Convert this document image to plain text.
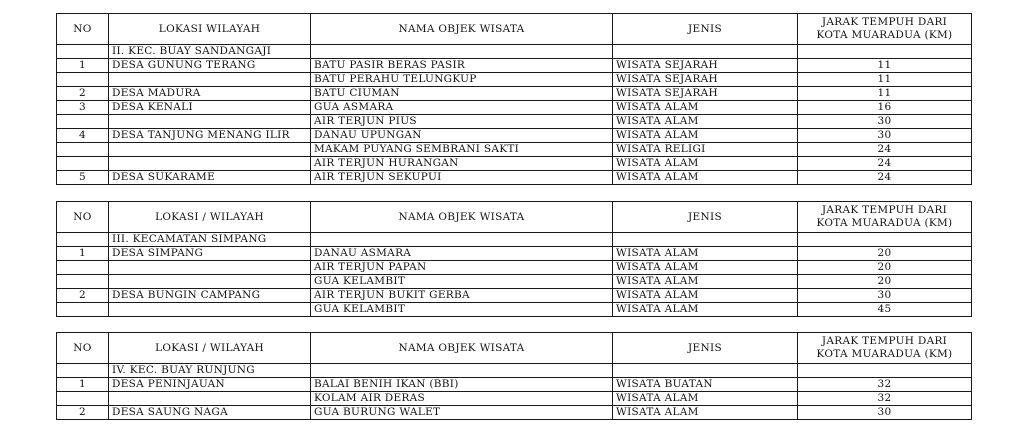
NO	LOKASI WILAYAH	NAMA OBJEK WISATA	JENIS	JARAK TEMPUH DARI
KOTA MUARADUA (KM)

	II. KEC. BUAY SANDANGAJI			
1	DESA GUNUNG TERANG	BATU PASIR BERAS PASIR	WISATA SEJARAH	11
		BATU PERAHU TELUNGKUP	WISATA SEJARAH	11
2	DESA MADURA	BATU CIUMAN	WISATA SEJARAH	11
3	DESA KENALI	GUA ASMARA	WISATA ALAM	16
		AIR TERJUN PIUS	WISATA ALAM	30
4	DESA TANJUNG MENANG ILIR	DANAU UPUNGAN	WISATA ALAM	30
		MAKAM PUYANG SEMBRANI SAKTI	WISATA RELIGI	24
		AIR TERJUN HURANGAN	WISATA ALAM	24
5	DESA SUKARAME	AIR TERJUN SEKUPUI	WISATA ALAM	24
NO	LOKASI / WILAYAH	NAMA OBJEK WISATA	JENIS	JARAK TEMPUH DARI
KOTA MUARADUA (KM)

	III. KECAMATAN SIMPANG			
1	DESA SIMPANG	DANAU ASMARA	WISATA ALAM	20
		AIR TERJUN PAPAN	WISATA ALAM	20
		GUA KELAMBIT	WISATA ALAM	20
2	DESA BUNGIN CAMPANG	AIR TERJUN BUKIT GERBA	WISATA ALAM	30
		GUA KELAMBIT	WISATA ALAM	45
NO	LOKASI / WILAYAH	NAMA OBJEK WISATA	JENIS	JARAK TEMPUH DARI
KOTA MUARADUA (KM)

	IV. KEC. BUAY RUNJUNG			
1	DESA PENINJAUAN	BALAI BENIH IKAN (BBI)	WISATA BUATAN	32
		KOLAM AIR DERAS	WISATA ALAM	32
2	DESA SAUNG NAGA	GUA BURUNG WALET	WISATA ALAM	30
